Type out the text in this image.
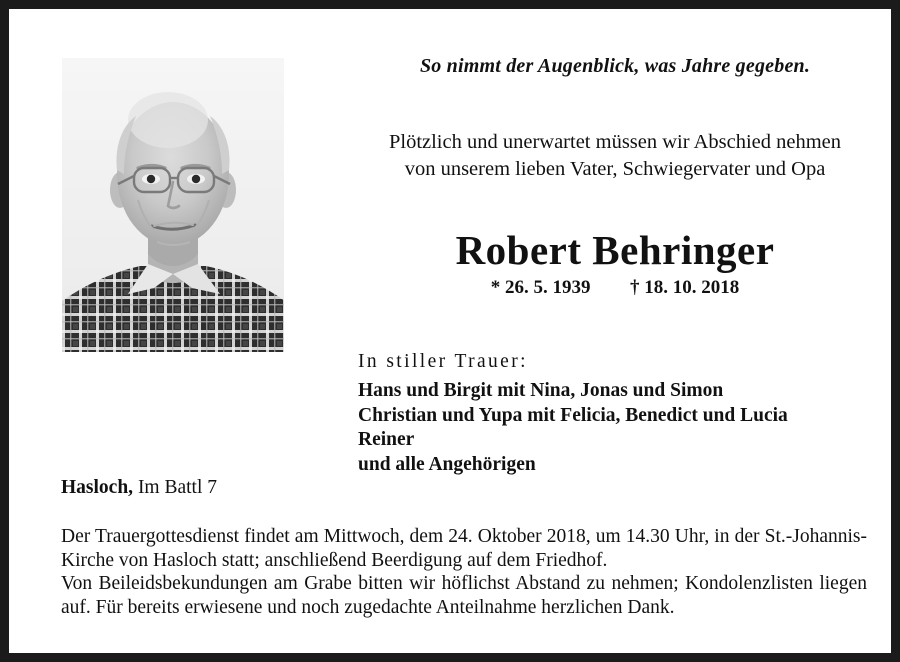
So nimmt der Augenblick, was Jahre gegeben.
Plötzlich und unerwartet müssen wir Abschied nehmen
von unserem lieben Vater, Schwiegervater und Opa
Robert Behringer
* 26. 5. 1939 † 18. 10. 2018
In stiller Trauer:
Hans und Birgit mit Nina, Jonas und Simon
Christian und Yupa mit Felicia, Benedict und Lucia
Reiner
und alle Angehörigen
Hasloch, Im Battl 7

Der Trauergottesdienst findet am Mittwoch, dem 24. Oktober 2018, um 14.30 Uhr, in der St.-Johannis-Kirche von Hasloch statt; anschließend Beerdigung auf dem Friedhof.

Von Beileidsbekundungen am Grabe bitten wir höflichst Abstand zu nehmen; Kondolenzlisten liegen auf. Für bereits erwiesene und noch zugedachte Anteilnahme herzlichen Dank.
